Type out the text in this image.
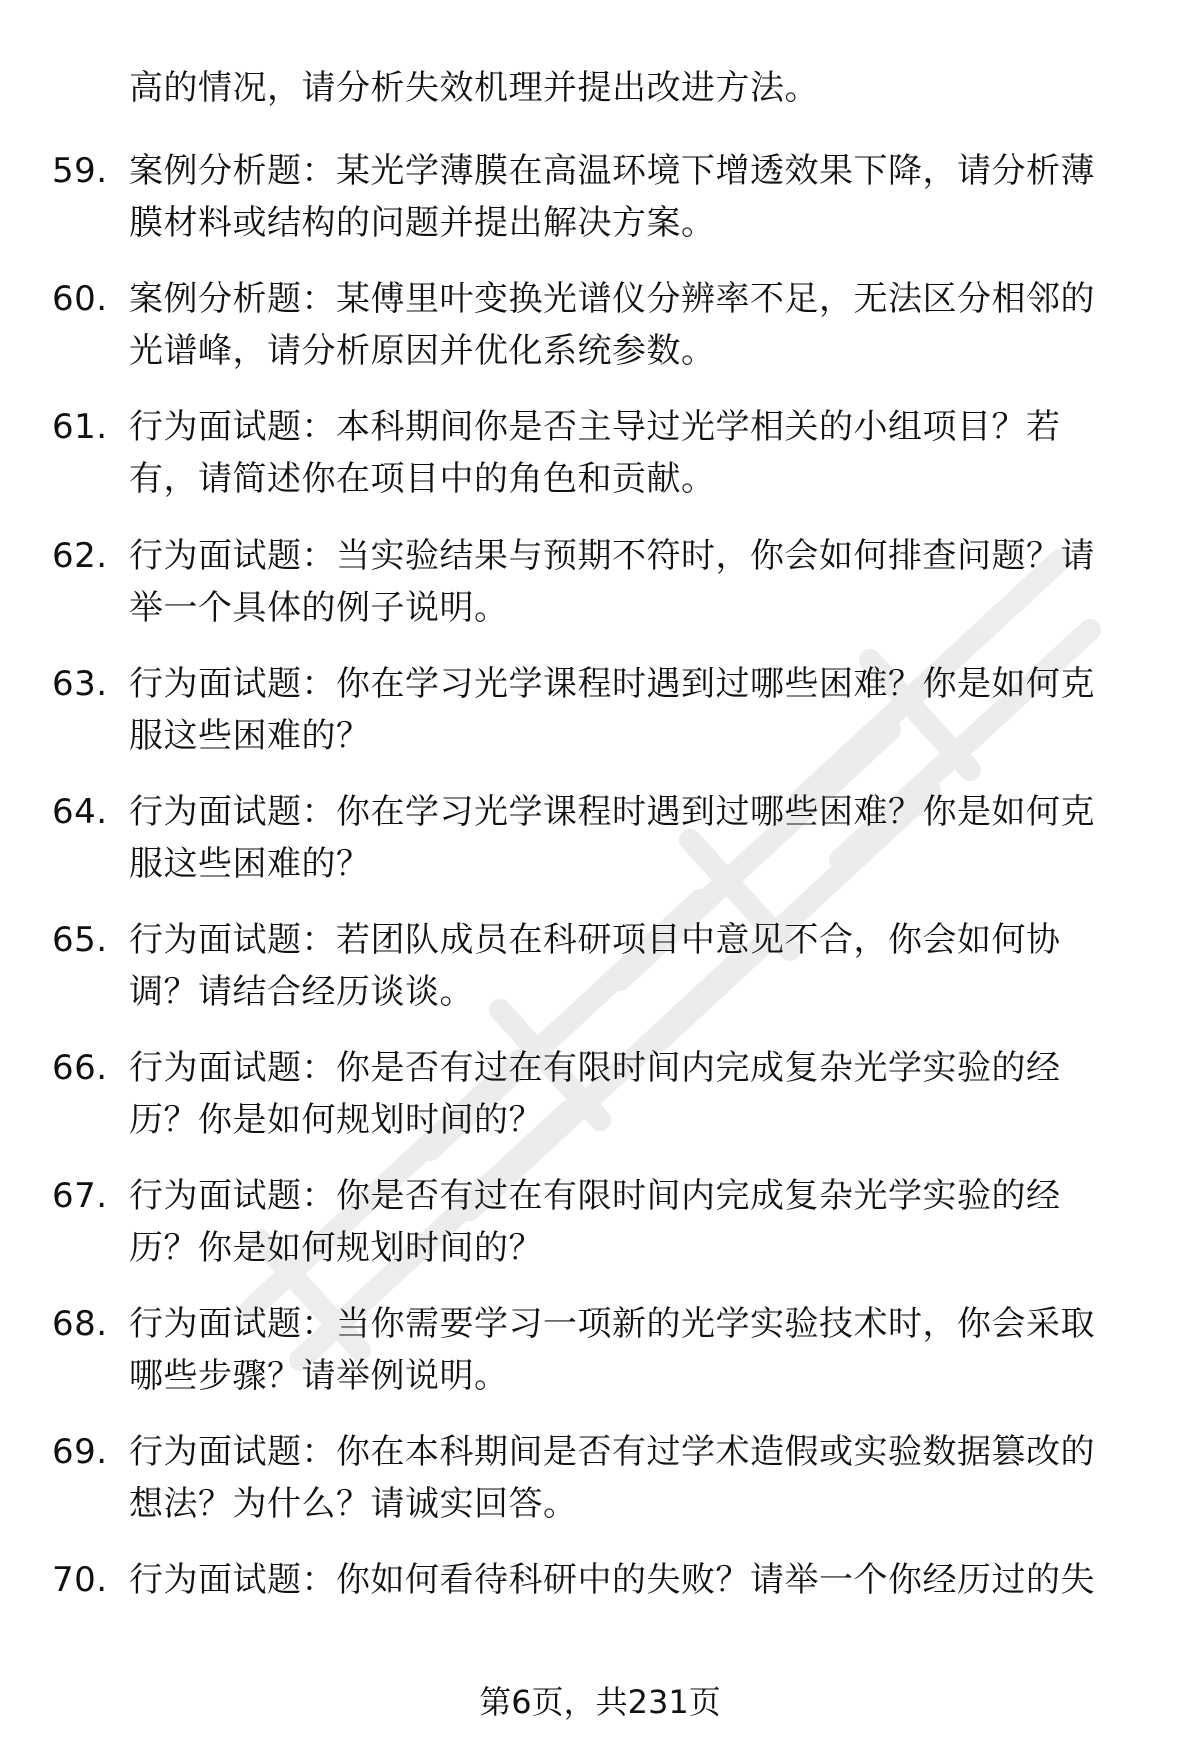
高的情况，请分析失效机理并提出改进方法。
59. 案例分析题：某光学薄膜在高温环境下增透效果下降，请分析薄
膜材料或结构的问题并提出解决方案。
60. 案例分析题：某傅里叶变换光谱仪分辨率不足，无法区分相邻的
光谱峰，请分析原因并优化系统参数。
61. 行为面试题：本科期间你是否主导过光学相关的小组项目？若
有，请简述你在项目中的角色和贡献。
62. 行为面试题：当实验结果与预期不符时，你会如何排查问题？请
举一个具体的例子说明。
63. 行为面试题：你在学习光学课程时遇到过哪些困难？你是如何克
服这些困难的？
64. 行为面试题：你在学习光学课程时遇到过哪些困难？你是如何克
服这些困难的？
65. 行为面试题：若团队成员在科研项目中意见不合，你会如何协
调？请结合经历谈谈。
66. 行为面试题：你是否有过在有限时间内完成复杂光学实验的经
历？你是如何规划时间的？
67. 行为面试题：你是否有过在有限时间内完成复杂光学实验的经
历？你是如何规划时间的？
68. 行为面试题：当你需要学习一项新的光学实验技术时，你会采取
哪些步骤？请举例说明。
69. 行为面试题：你在本科期间是否有过学术造假或实验数据篡改的
想法？为什么？请诚实回答。
70. 行为面试题：你如何看待科研中的失败？请举一个你经历过的失
第6页，共231页
